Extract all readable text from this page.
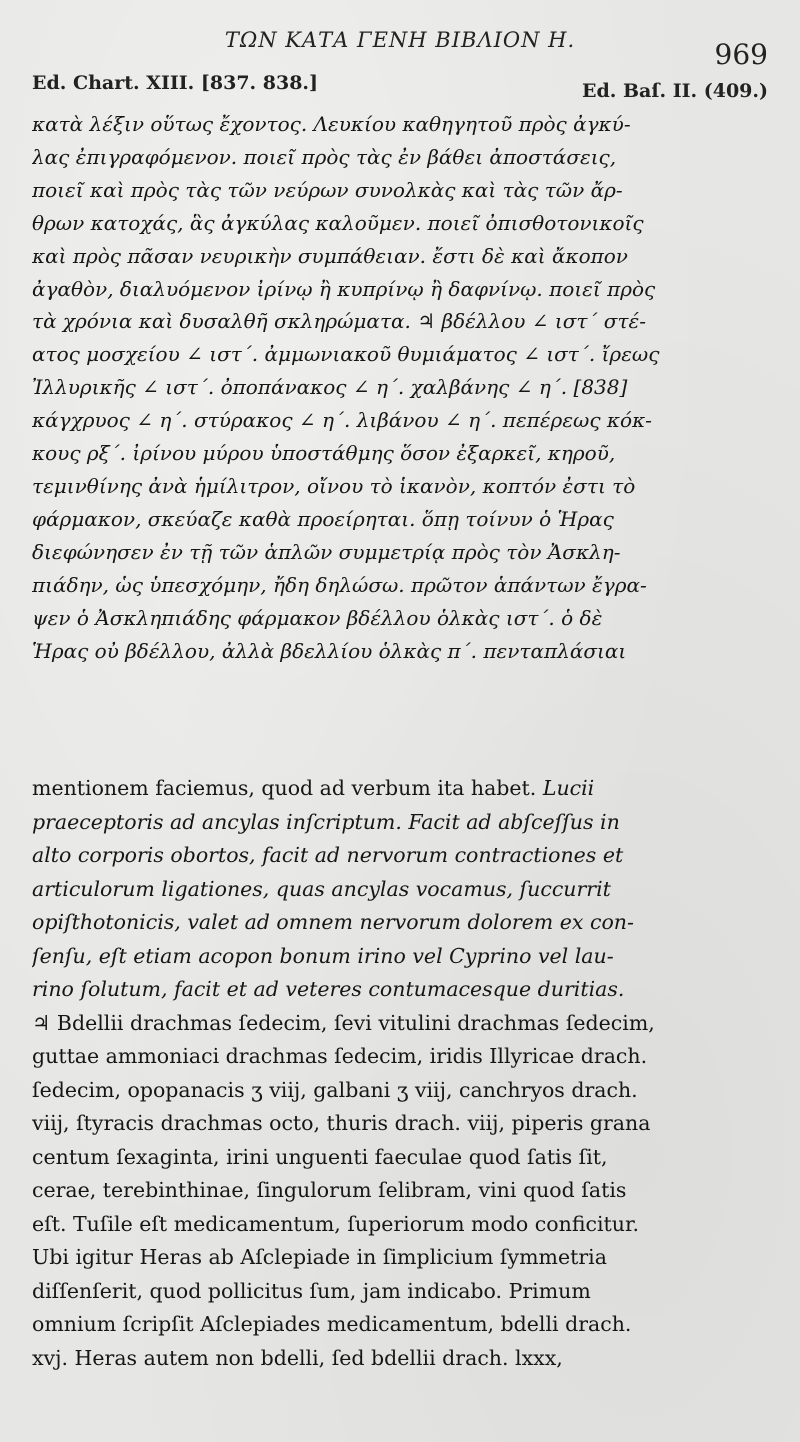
ΤΩΝ ΚΑΤΑ ΓΕΝΗ ΒΙΒΛΙΟΝ Η.	969
Ed. Chart. XIII. [837. 838.]	Ed. Baſ. II. (409.)
κατὰ λέξιν οὕτως ἔχοντος. Λευκίου καθηγητοῦ πρὸς ἀγκύ-
λας ἐπιγραφόμενον. ποιεῖ πρὸς τὰς ἐν βάθει ἀποστάσεις,
ποιεῖ καὶ πρὸς τὰς τῶν νεύρων συνολκὰς καὶ τὰς τῶν ἄρ-
θρων κατοχάς, ἃς ἀγκύλας καλοῦμεν. ποιεῖ ὀπισθοτονικοῖς
καὶ πρὸς πᾶσαν νευρικὴν συμπάθειαν. ἔστι δὲ καὶ ἄκοπον
ἀγαθὸν, διαλυόμενον ἰρίνῳ ἢ κυπρίνῳ ἢ δαφνίνῳ. ποιεῖ πρὸς
τὰ χρόνια καὶ δυσαλθῆ σκληρώματα. ♃ βδέλλου ∠ ιστ΄ στέ-
ατος μοσχείου ∠ ιστ΄. ἀμμωνιακοῦ θυμιάματος ∠ ιστ΄. ἴρεως
Ἰλλυρικῆς ∠ ιστ΄. ὀποπάνακος ∠ η΄. χαλβάνης ∠ η΄. [838]
κάγχρυος ∠ η΄. στύρακος ∠ η΄. λιβάνου ∠ η΄. πεπέρεως κόκ-
κους ρξ΄. ἰρίνου μύρου ὑποστάθμης ὅσον ἐξαρκεῖ, κηροῦ,
τεμινθίνης ἀνὰ ἡμίλιτρον, οἴνου τὸ ἱκανὸν, κοπτόν ἐστι τὸ
φάρμακον, σκεύαζε καθὰ προείρηται. ὅπῃ τοίνυν ὁ Ἡρας
διεφώνησεν ἐν τῇ τῶν ἁπλῶν συμμετρίᾳ πρὸς τὸν Ἀσκλη-
πιάδην, ὡς ὑπεσχόμην, ἤδη δηλώσω. πρῶτον ἁπάντων ἔγρα-
ψεν ὁ Ἀσκληπιάδης φάρμακον βδέλλου ὁλκὰς ιστ΄. ὁ δὲ
Ἡρας οὐ βδέλλου, ἀλλὰ βδελλίου ὁλκὰς π΄. πενταπλάσιαι
mentionem faciemus, quod ad verbum ita habet. Lucii
praeceptoris ad ancylas inſcriptum. Facit ad abſceſſus in
alto corporis obortos, facit ad nervorum contractiones et
articulorum ligationes, quas ancylas vocamus, ſuccurrit
opiſthotonicis, valet ad omnem nervorum dolorem ex con-
ſenſu, eſt etiam acopon bonum irino vel Cyprino vel lau-
rino ſolutum, facit et ad veteres contumacesque duritias.
♃ Bdellii drachmas ſedecim, ſevi vitulini drachmas ſedecim,
guttae ammoniaci drachmas ſedecim, iridis Illyricae drach.
ſedecim, opopanacis ʒ viij, galbani ʒ viij, canchryos drach.
viij, ſtyracis drachmas octo, thuris drach. viij, piperis grana
centum ſexaginta, irini unguenti faeculae quod ſatis ſit,
cerae, terebinthinae, ſingulorum ſelibram, vini quod ſatis
eſt. Tuſile eſt medicamentum, ſuperiorum modo conficitur.
Ubi igitur Heras ab Aſclepiade in ſimplicium ſymmetria
diſſenſerit, quod pollicitus ſum, jam indicabo. Primum
omnium ſcripſit Aſclepiades medicamentum, bdelli drach.
xvj. Heras autem non bdelli, ſed bdellii drach. lxxx,
